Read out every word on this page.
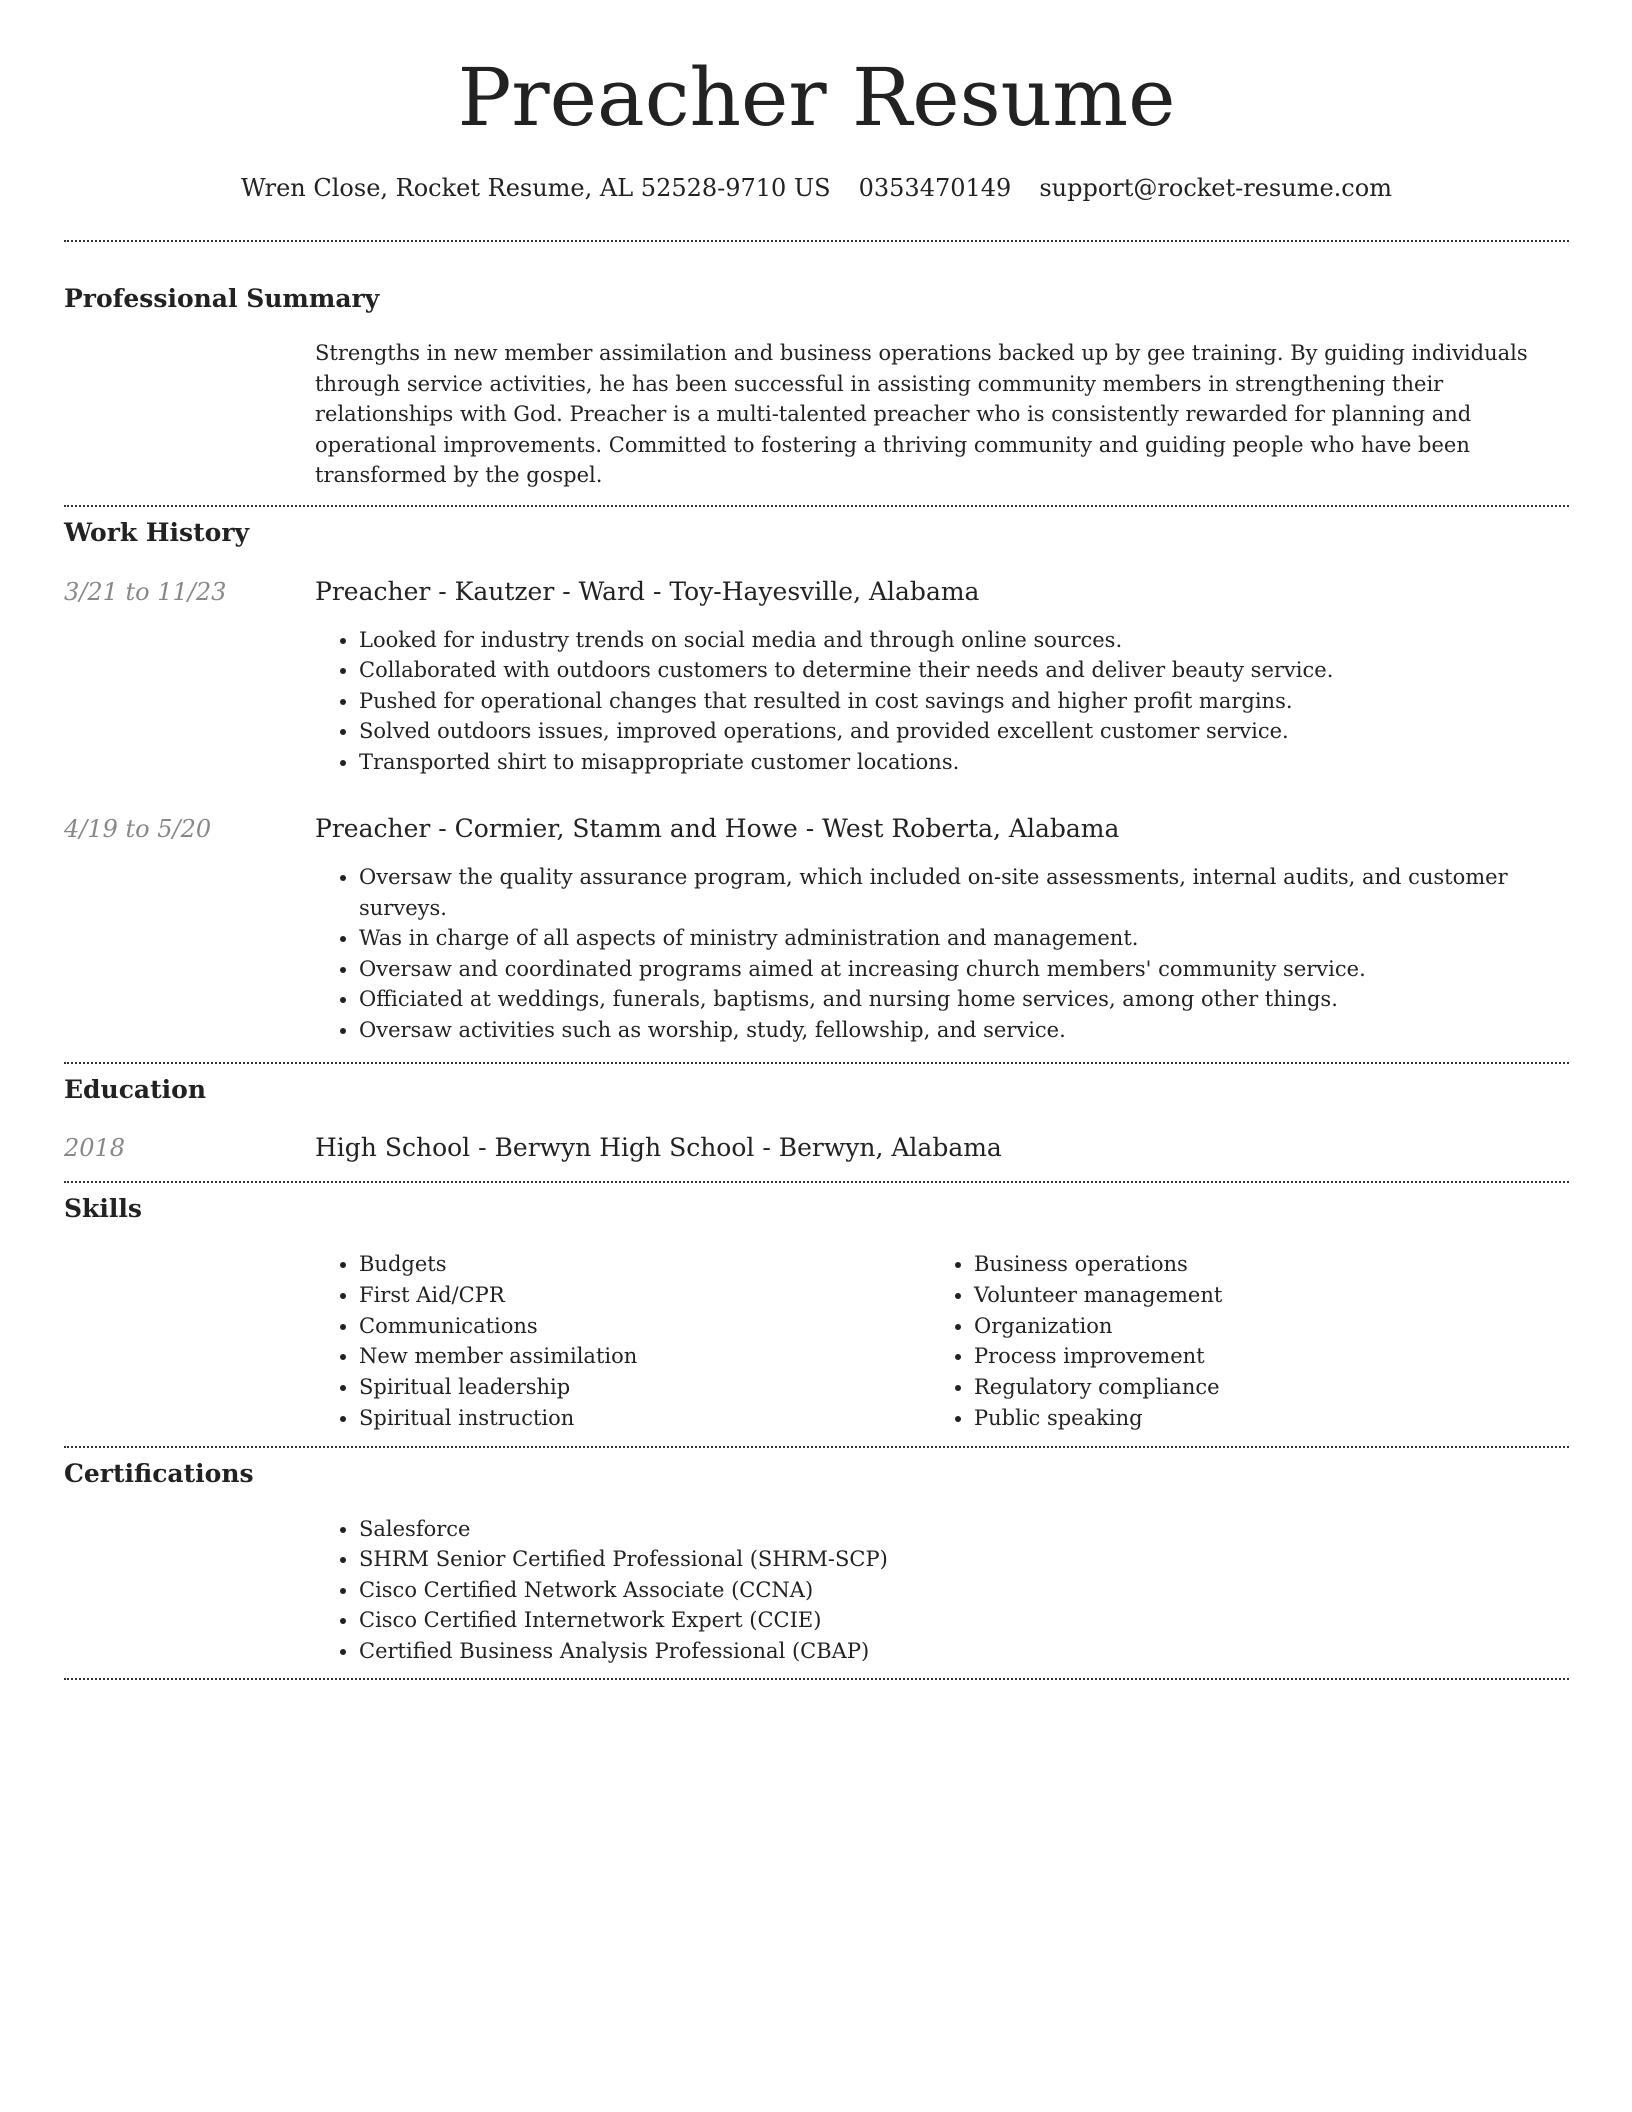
Preacher Resume
Wren Close, Rocket Resume, AL 52528-9710 US 0353470149 support@rocket-resume.com
Professional Summary

Strengths in new member assimilation and business operations backed up by gee training. By guiding individuals through service activities, he has been successful in assisting community members in strengthening their relationships with God. Preacher is a multi-talented preacher who is consistently rewarded for planning and operational improvements. Committed to fostering a thriving community and guiding people who have been transformed by the gospel.

Work History
3/21 to 11/23	Preacher - Kautzer - Ward - Toy-Hayesville, Alabama
• Looked for industry trends on social media and through online sources.
• Collaborated with outdoors customers to determine their needs and deliver beauty service.
• Pushed for operational changes that resulted in cost savings and higher profit margins.
• Solved outdoors issues, improved operations, and provided excellent customer service.
• Transported shirt to misappropriate customer locations.
4/19 to 5/20	Preacher - Cormier, Stamm and Howe - West Roberta, Alabama
• Oversaw the quality assurance program, which included on-site assessments, internal audits, and customer surveys.
• Was in charge of all aspects of ministry administration and management.
• Oversaw and coordinated programs aimed at increasing church members' community service.
• Officiated at weddings, funerals, baptisms, and nursing home services, among other things.
• Oversaw activities such as worship, study, fellowship, and service.
Education
2018	High School - Berwyn High School - Berwyn, Alabama
Skills
• Budgets
• First Aid/CPR
• Communications
• New member assimilation
• Spiritual leadership
• Spiritual instruction
• Business operations
• Volunteer management
• Organization
• Process improvement
• Regulatory compliance
• Public speaking
Certifications
• Salesforce
• SHRM Senior Certified Professional (SHRM-SCP)
• Cisco Certified Network Associate (CCNA)
• Cisco Certified Internetwork Expert (CCIE)
• Certified Business Analysis Professional (CBAP)
